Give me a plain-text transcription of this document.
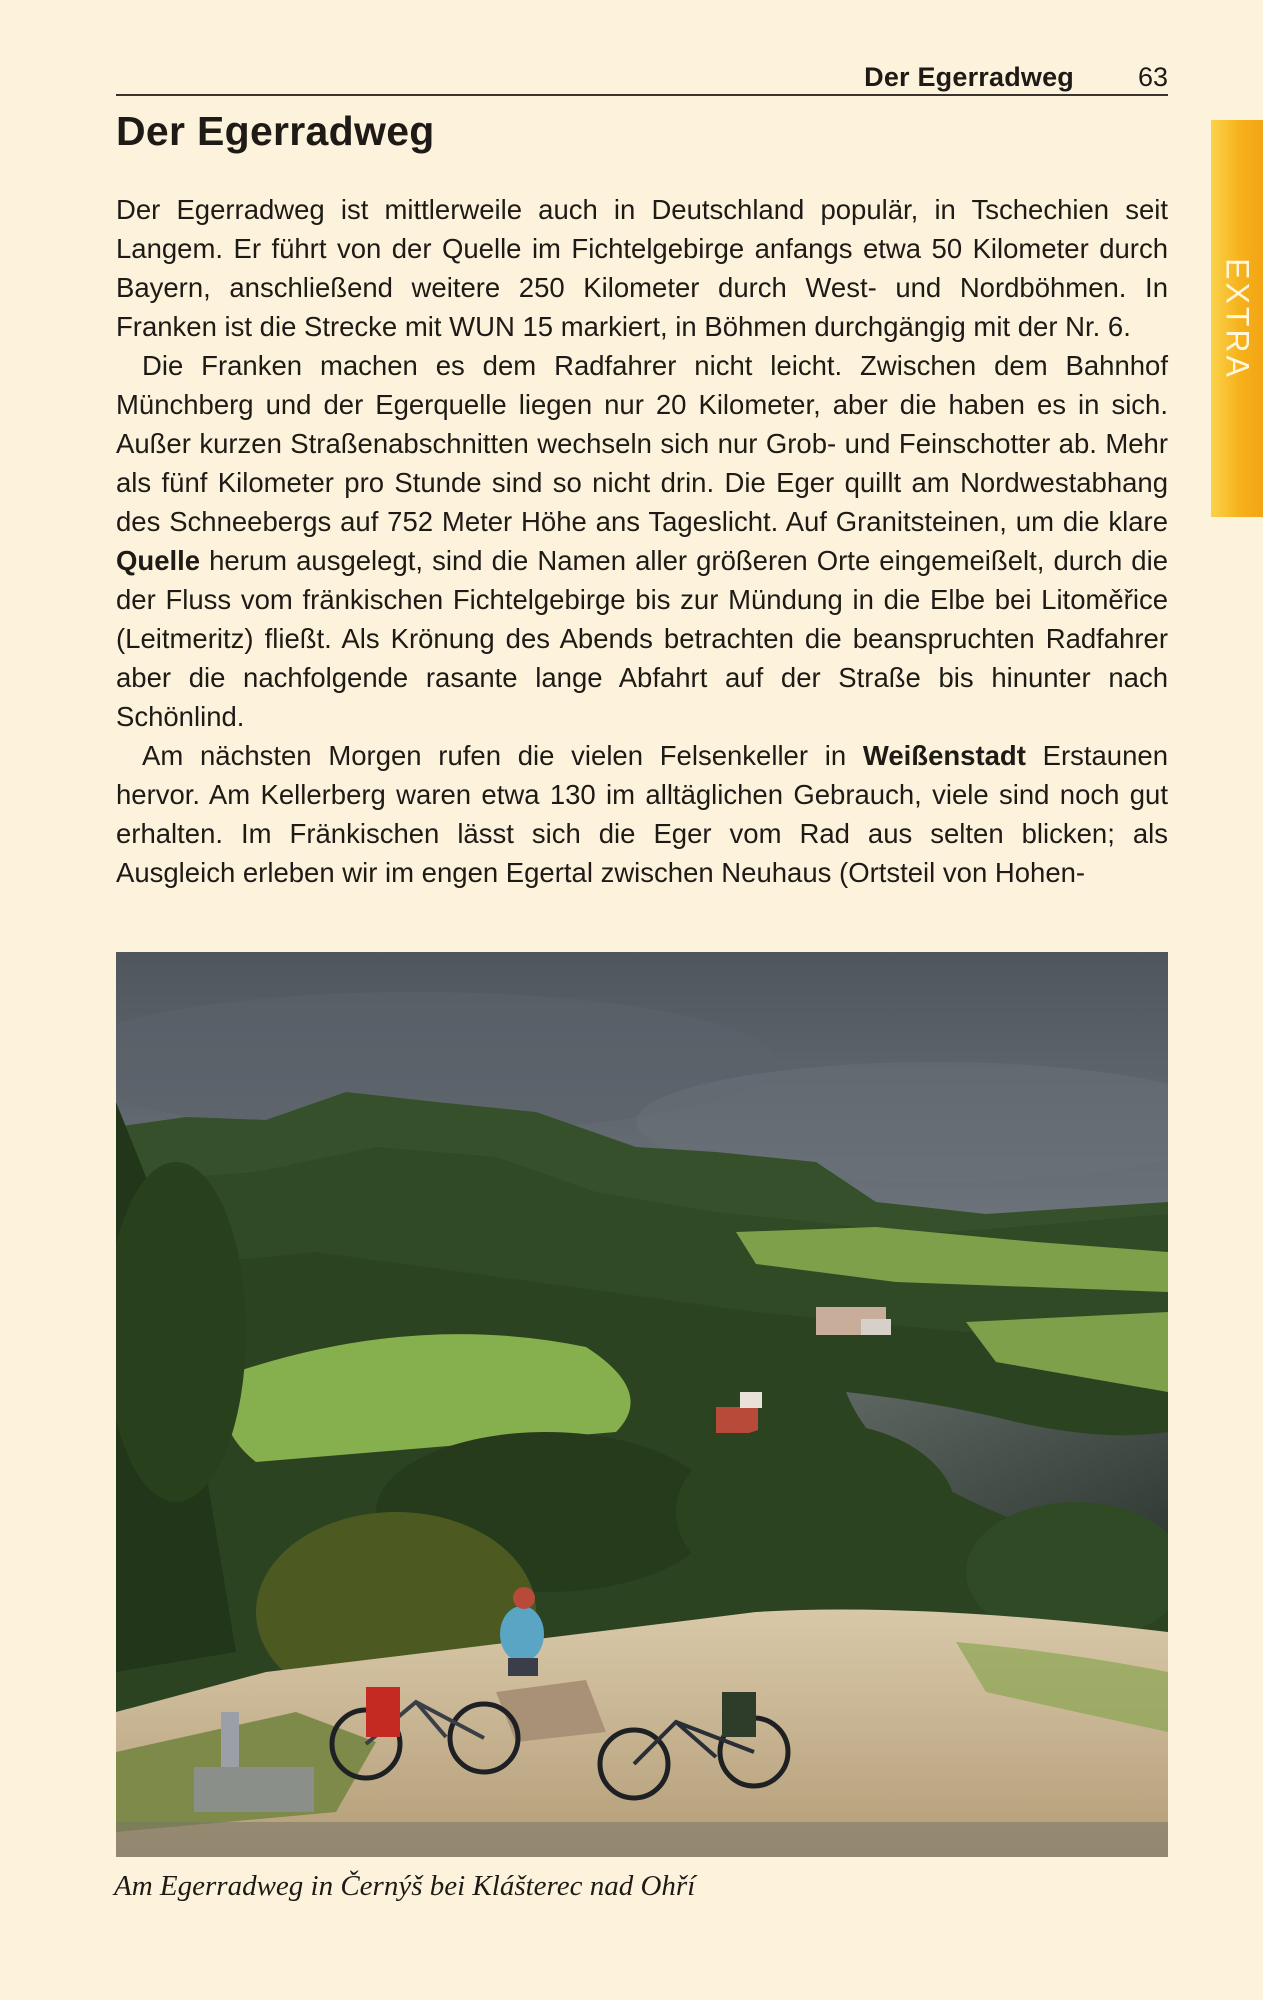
Der Egerradweg 63
EXTRA
Der Egerradweg

Der Egerradweg ist mittlerweile auch in Deutschland populär, in Tschechien seit Langem. Er führt von der Quelle im Fichtelgebirge anfangs etwa 50 Kilometer durch Bayern, anschließend weitere 250 Kilometer durch West- und Nordböhmen. In Franken ist die Strecke mit WUN 15 markiert, in Böhmen durchgängig mit der Nr. 6.

Die Franken machen es dem Radfahrer nicht leicht. Zwischen dem Bahnhof Münchberg und der Egerquelle liegen nur 20 Kilometer, aber die haben es in sich. Außer kurzen Straßenabschnitten wechseln sich nur Grob- und Feinschotter ab. Mehr als fünf Kilometer pro Stunde sind so nicht drin. Die Eger quillt am Nordwestabhang des Schneebergs auf 752 Meter Höhe ans Tageslicht. Auf Granitsteinen, um die klare Quelle herum ausgelegt, sind die Namen aller größeren Orte eingemeißelt, durch die der Fluss vom fränkischen Fichtelgebirge bis zur Mündung in die Elbe bei Litoměřice (Leitmeritz) fließt. Als Krönung des Abends betrachten die beanspruchten Radfahrer aber die nachfolgende rasante lange Abfahrt auf der Straße bis hinunter nach Schönlind.

Am nächsten Morgen rufen die vielen Felsenkeller in Weißenstadt Erstaunen hervor. Am Kellerberg waren etwa 130 im alltäglichen Gebrauch, viele sind noch gut erhalten. Im Fränkischen lässt sich die Eger vom Rad aus selten blicken; als Ausgleich erleben wir im engen Egertal zwischen Neuhaus (Ortsteil von Hohen-

Am Egerradweg in Černýš bei Klášterec nad Ohří
